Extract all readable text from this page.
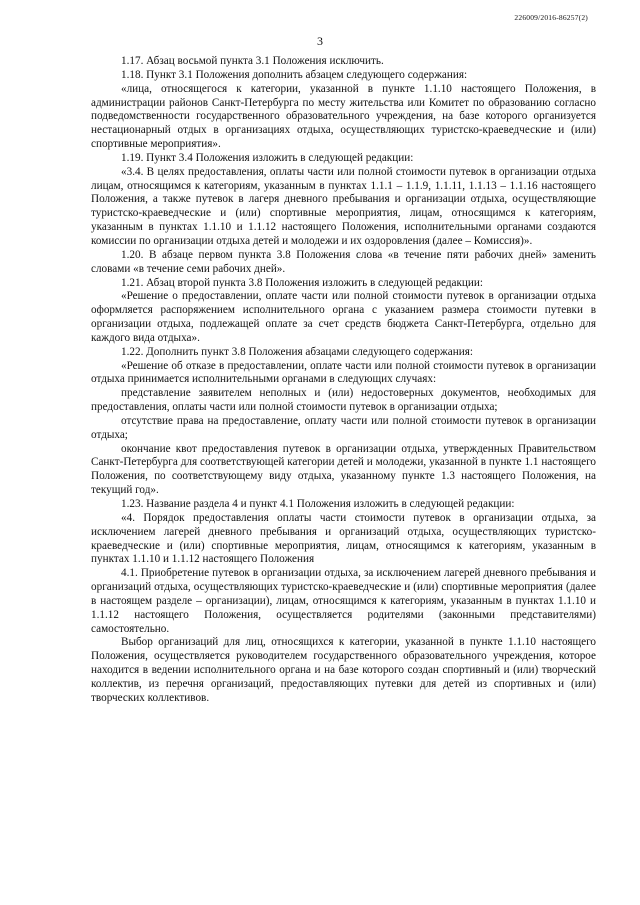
226009/2016-86257(2)
3

1.17. Абзац восьмой пункта 3.1 Положения исключить.

1.18. Пункт 3.1 Положения дополнить абзацем следующего содержания:

«лица, относящегося к категории, указанной в пункте 1.1.10 настоящего Положения, в администрации районов Санкт-Петербурга по месту жительства или Комитет по образованию согласно подведомственности государственного образовательного учреждения, на базе которого организуется нестационарный отдых в организациях отдыха, осуществляющих туристско-краеведческие и (или) спортивные мероприятия».

1.19. Пункт 3.4 Положения изложить в следующей редакции:

«3.4. В целях предоставления, оплаты части или полной стоимости путевок в организации отдыха лицам, относящимся к категориям, указанным в пунктах 1.1.1 – 1.1.9, 1.1.11, 1.1.13 – 1.1.16 настоящего Положения, а также путевок в лагеря дневного пребывания и организации отдыха, осуществляющие туристско-краеведческие и (или) спортивные мероприятия, лицам, относящимся к категориям, указанным в пунктах 1.1.10 и 1.1.12 настоящего Положения, исполнительными органами создаются комиссии по организации отдыха детей и молодежи и их оздоровления (далее – Комиссия)».

1.20. В абзаце первом пункта 3.8 Положения слова «в течение пяти рабочих дней» заменить словами «в течение семи рабочих дней».

1.21. Абзац второй пункта 3.8 Положения изложить в следующей редакции:

«Решение о предоставлении, оплате части или полной стоимости путевок в организации отдыха оформляется распоряжением исполнительного органа с указанием размера стоимости путевки в организации отдыха, подлежащей оплате за счет средств бюджета Санкт-Петербурга, отдельно для каждого вида отдыха».

1.22. Дополнить пункт 3.8 Положения абзацами следующего содержания:

«Решение об отказе в предоставлении, оплате части или полной стоимости путевок в организации отдыха принимается исполнительными органами в следующих случаях:

представление заявителем неполных и (или) недостоверных документов, необходимых для предоставления, оплаты части или полной стоимости путевок в организации отдыха;

отсутствие права на предоставление, оплату части или полной стоимости путевок в организации отдыха;

окончание квот предоставления путевок в организации отдыха, утвержденных Правительством Санкт-Петербурга для соответствующей категории детей и молодежи, указанной в пункте 1.1 настоящего Положения, по соответствующему виду отдыха, указанному пункте 1.3 настоящего Положения, на текущий год».

1.23. Название раздела 4 и пункт 4.1 Положения изложить в следующей редакции:

«4. Порядок предоставления оплаты части стоимости путевок в организации отдыха, за исключением лагерей дневного пребывания и организаций отдыха, осуществляющих туристско-краеведческие и (или) спортивные мероприятия, лицам, относящимся к категориям, указанным в пунктах 1.1.10 и 1.1.12 настоящего Положения

4.1. Приобретение путевок в организации отдыха, за исключением лагерей дневного пребывания и организаций отдыха, осуществляющих туристско-краеведческие и (или) спортивные мероприятия (далее в настоящем разделе – организации), лицам, относящимся к категориям, указанным в пунктах 1.1.10 и 1.1.12 настоящего Положения, осуществляется родителями (законными представителями) самостоятельно.

Выбор организаций для лиц, относящихся к категории, указанной в пункте 1.1.10 настоящего Положения, осуществляется руководителем государственного образовательного учреждения, которое находится в ведении исполнительного органа и на базе которого создан спортивный и (или) творческий коллектив, из перечня организаций, предоставляющих путевки для детей из спортивных и (или) творческих коллективов.
